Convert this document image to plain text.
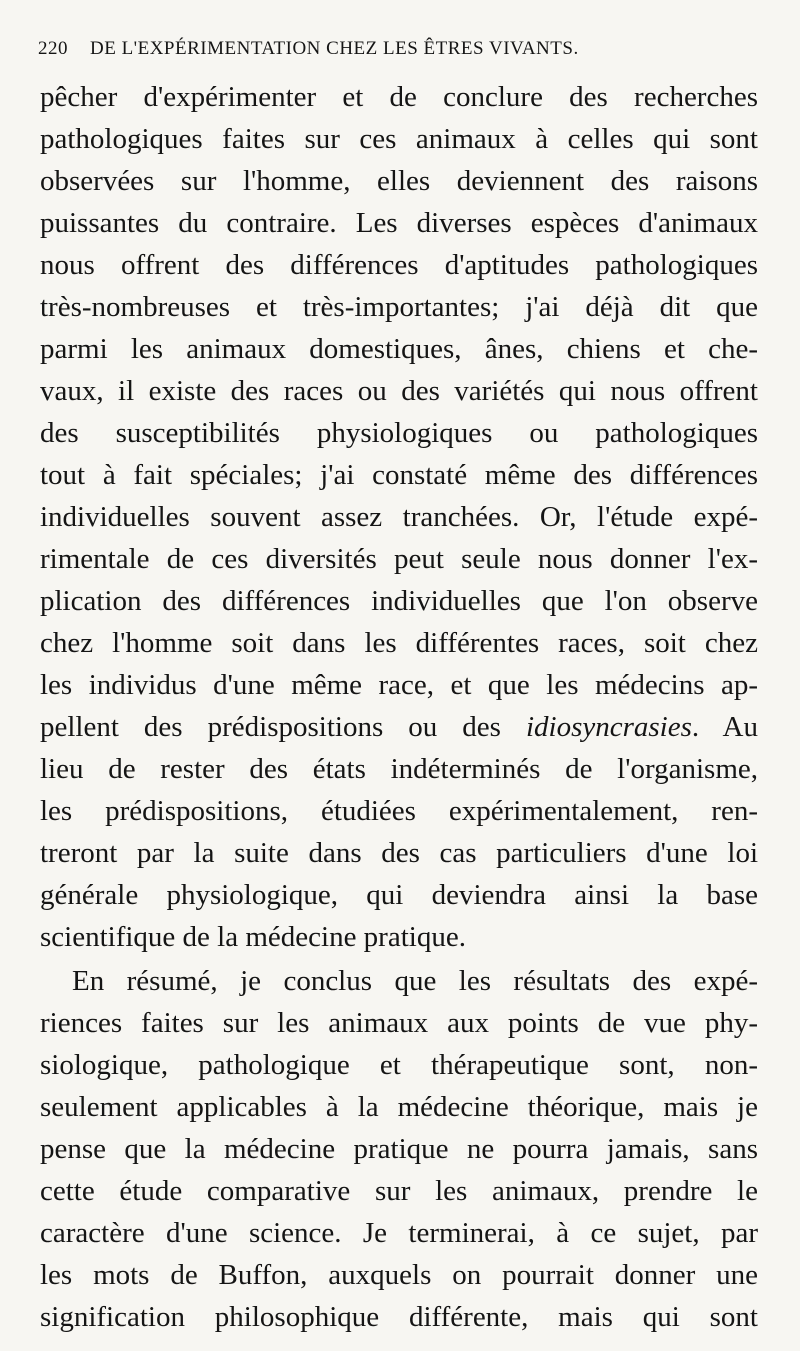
220 DE L'EXPÉRIMENTATION CHEZ LES ÊTRES VIVANTS.
pêcher d'expérimenter et de conclure des recherches
pathologiques faites sur ces animaux à celles qui sont
observées sur l'homme, elles deviennent des raisons
puissantes du contraire. Les diverses espèces d'animaux
nous offrent des différences d'aptitudes pathologiques
très-nombreuses et très-importantes; j'ai déjà dit que
parmi les animaux domestiques, ânes, chiens et che-
vaux, il existe des races ou des variétés qui nous offrent
des susceptibilités physiologiques ou pathologiques
tout à fait spéciales; j'ai constaté même des différences
individuelles souvent assez tranchées. Or, l'étude expé-
rimentale de ces diversités peut seule nous donner l'ex-
plication des différences individuelles que l'on observe
chez l'homme soit dans les différentes races, soit chez
les individus d'une même race, et que les médecins ap-
pellent des prédispositions ou des idiosyncrasies. Au
lieu de rester des états indéterminés de l'organisme,
les prédispositions, étudiées expérimentalement, ren-
treront par la suite dans des cas particuliers d'une loi
générale physiologique, qui deviendra ainsi la base
scientifique de la médecine pratique.
En résumé, je conclus que les résultats des expé-
riences faites sur les animaux aux points de vue phy-
siologique, pathologique et thérapeutique sont, non-
seulement applicables à la médecine théorique, mais je
pense que la médecine pratique ne pourra jamais, sans
cette étude comparative sur les animaux, prendre le
caractère d'une science. Je terminerai, à ce sujet, par
les mots de Buffon, auxquels on pourrait donner une
signification philosophique différente, mais qui sont
